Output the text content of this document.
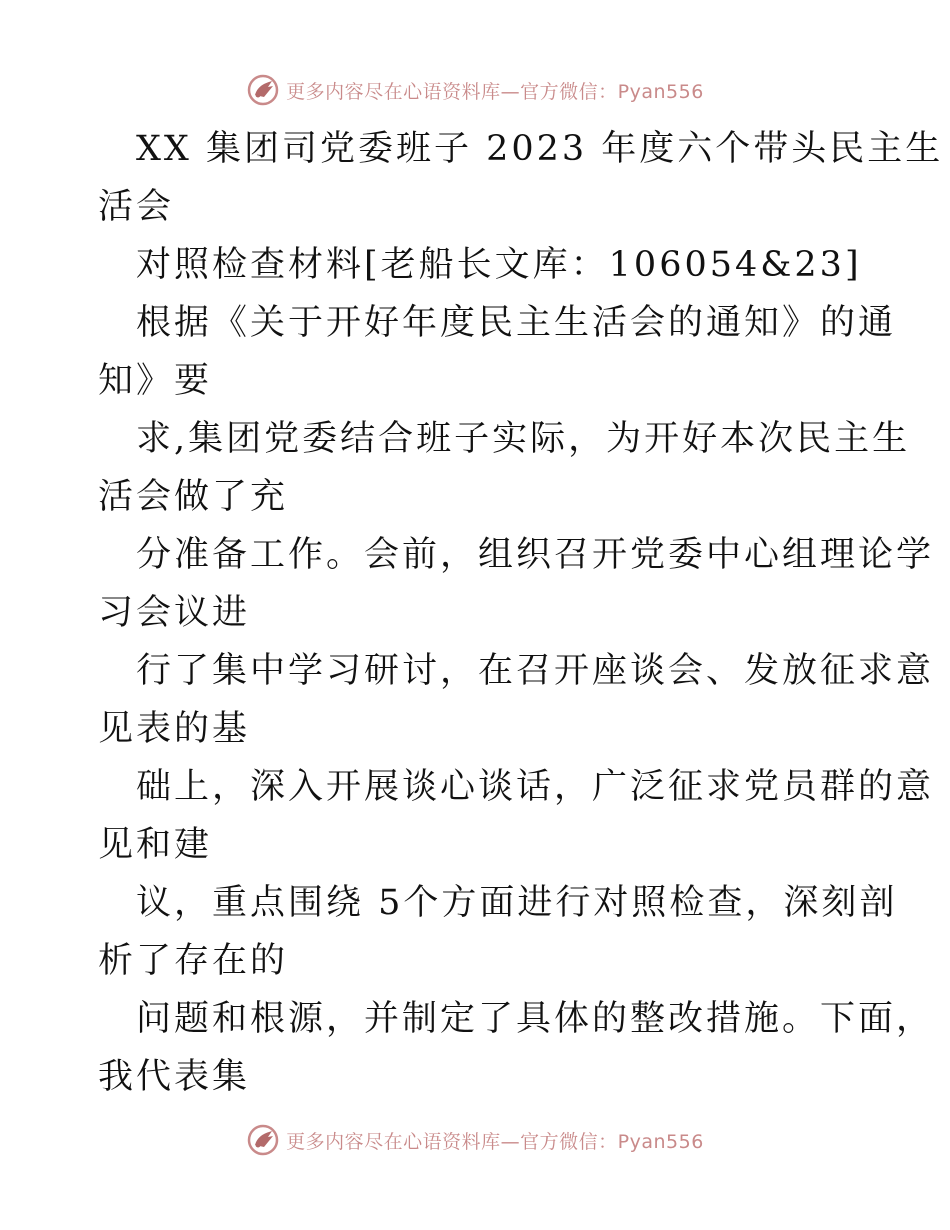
更多内容尽在心语资料库—官方微信：Pyan556
XX 集团司党委班子 2023 年度六个带头民主生
活会
对照检查材料[老船长文库：106054&23]
根据《关于开好年度民主生活会的通知》的通
知》要
求,集团党委结合班子实际，为开好本次民主生
活会做了充
分准备工作。会前，组织召开党委中心组理论学
习会议进
行了集中学习研讨，在召开座谈会、发放征求意
见表的基
础上，深入开展谈心谈话，广泛征求党员群的意
见和建
议，重点围绕 5个方面进行对照检查，深刻剖
析了存在的
问题和根源，并制定了具体的整改措施。下面，
我代表集
更多内容尽在心语资料库—官方微信：Pyan556
